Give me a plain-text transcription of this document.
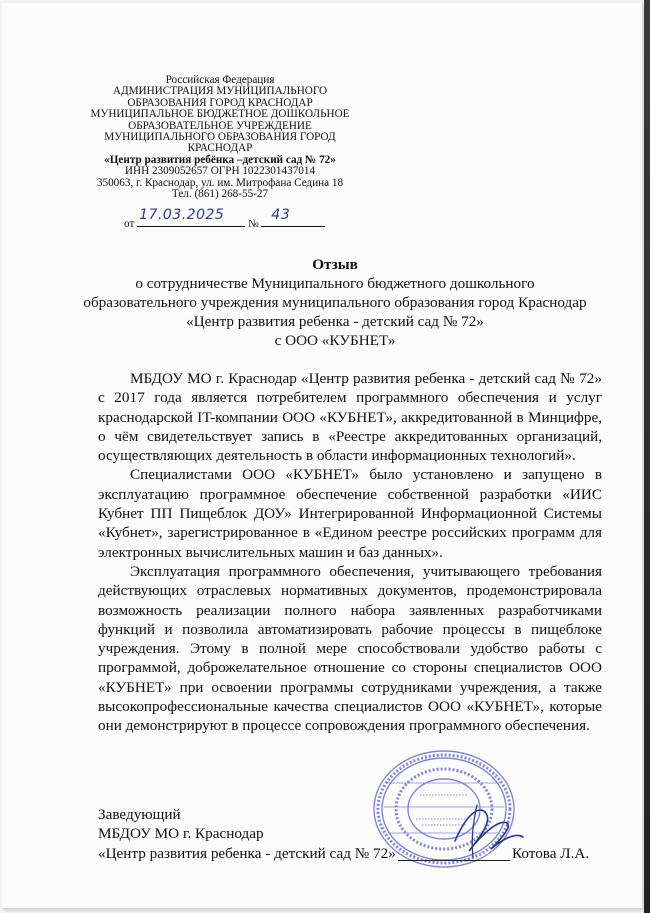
Российская Федерация
АДМИНИСТРАЦИЯ МУНИЦИПАЛЬНОГО
ОБРАЗОВАНИЯ ГОРОД КРАСНОДАР
МУНИЦИПАЛЬНОЕ БЮДЖЕТНОЕ ДОШКОЛЬНОЕ
ОБРАЗОВАТЕЛЬНОЕ УЧРЕЖДЕНИЕ
МУНИЦИПАЛЬНОГО ОБРАЗОВАНИЯ ГОРОД
КРАСНОДАР
«Центр развития ребёнка –детский сад № 72»
ИНН 2309052657 ОГРН 1022301437014
350063, г. Краснодар, ул. им. Митрофана Седина 18
Тел. (861) 268-55-27
от
17.03.2025
№
43
Отзыв
о сотрудничестве Муниципального бюджетного дошкольного
образовательного учреждения муниципального образования город Краснодар
«Центр развития ребенка - детский сад № 72»
с ООО «КУБНЕТ»

МБДОУ МО г. Краснодар «Центр развития ребенка - детский сад № 72» с 2017 года является потребителем программного обеспечения и услуг краснодарской IT-компании ООО «КУБНЕТ», аккредитованной в Минцифре, о чём свидетельствует запись в «Реестре аккредитованных организаций, осуществляющих деятельность в области информационных технологий».

Специалистами ООО «КУБНЕТ» было установлено и запущено в эксплуатацию программное обеспечение собственной разработки «ИИС Кубнет ПП Пищеблок ДОУ» Интегрированной Информационной Системы «Кубнет», зарегистрированное в «Едином реестре российских программ для электронных вычислительных машин и баз данных».

Эксплуатация программного обеспечения, учитывающего требования действующих отраслевых нормативных документов, продемонстрировала возможность реализации полного набора заявленных разработчиками функций и позволила автоматизировать рабочие процессы в пищеблоке учреждения. Этому в полной мере способствовали удобство работы с программой, доброжелательное отношение со стороны специалистов ООО «КУБНЕТ» при освоении программы сотрудниками учреждения, а также высокопрофессиональные качества специалистов ООО «КУБНЕТ», которые они демонстрируют в процессе сопровождения программного обеспечения.

Заведующий
МБДОУ МО г. Краснодар
«Центр развития ребенка - детский сад № 72»	Котова Л.А.
